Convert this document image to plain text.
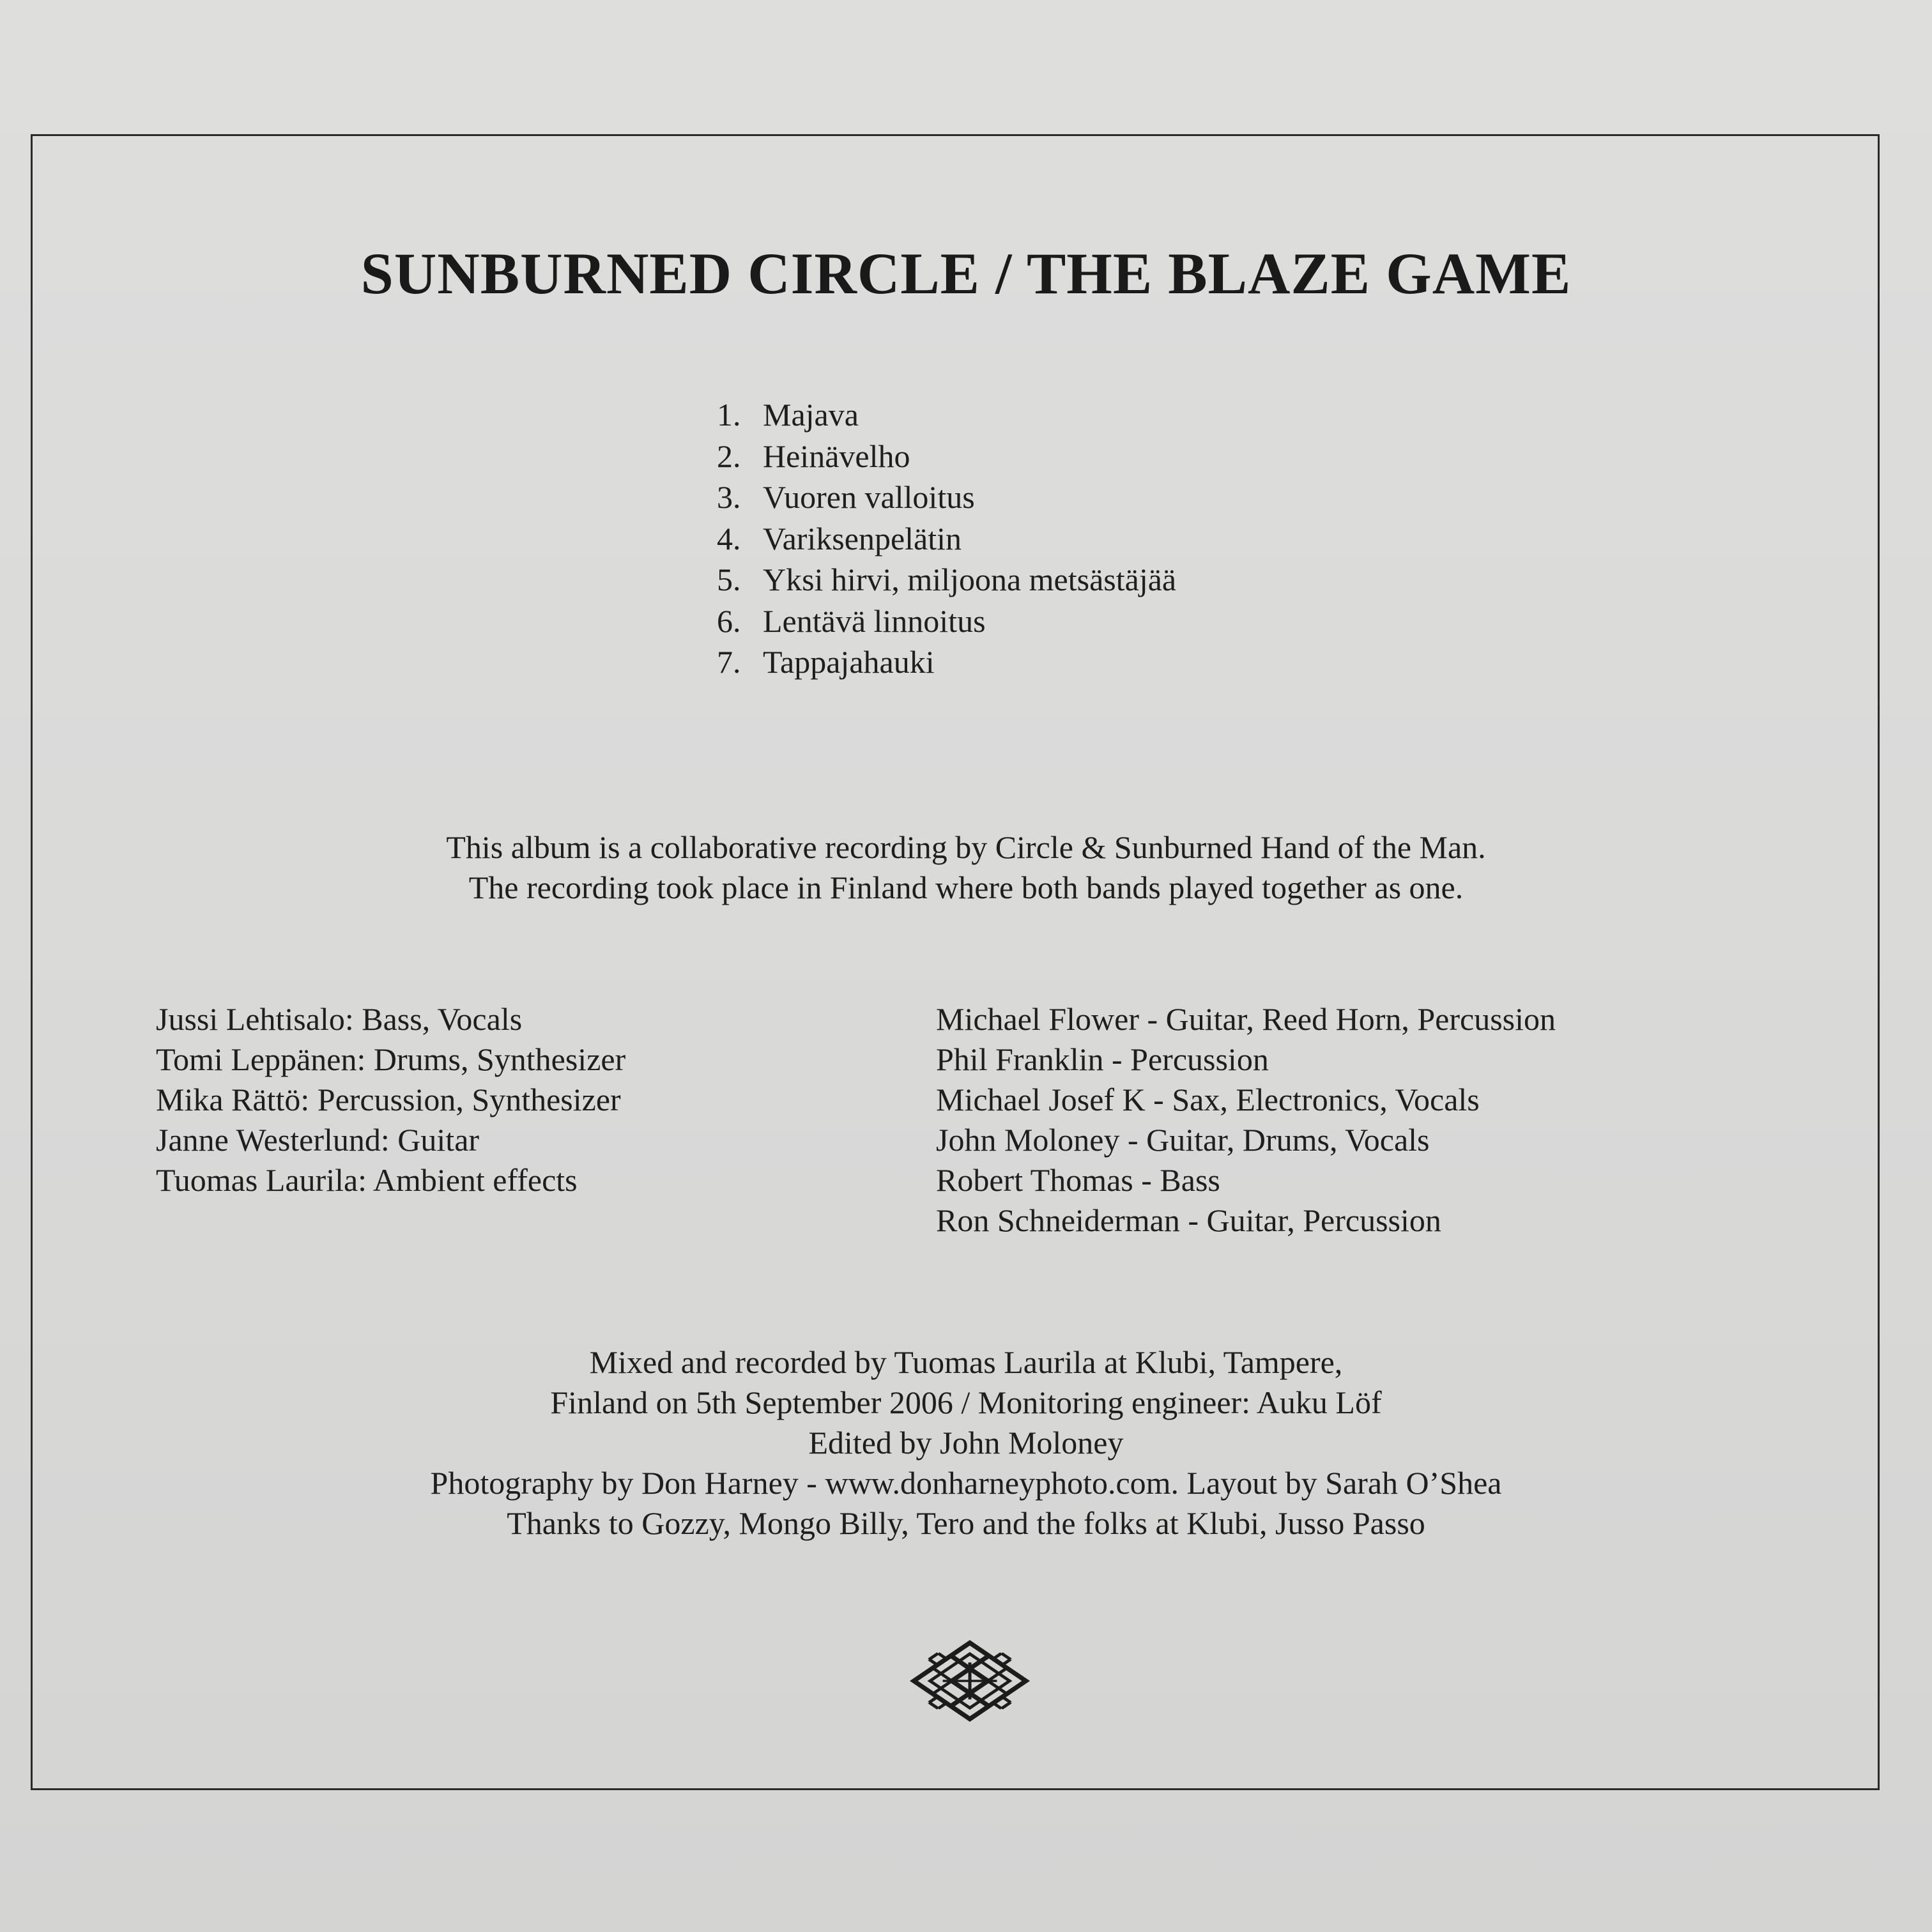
SUNBURNED CIRCLE / THE BLAZE GAME
1. Majava
2. Heinävelho
3. Vuoren valloitus
4. Variksenpelätin
5. Yksi hirvi, miljoona metsästäjää
6. Lentävä linnoitus
7. Tappajahauki
This album is a collaborative recording by Circle & Sunburned Hand of the Man.
The recording took place in Finland where both bands played together as one.
Jussi Lehtisalo: Bass, Vocals
Tomi Leppänen: Drums, Synthesizer
Mika Rättö: Percussion, Synthesizer
Janne Westerlund: Guitar
Tuomas Laurila: Ambient effects
Michael Flower - Guitar, Reed Horn, Percussion
Phil Franklin - Percussion
Michael Josef K - Sax, Electronics, Vocals
John Moloney - Guitar, Drums, Vocals
Robert Thomas - Bass
Ron Schneiderman - Guitar, Percussion
Mixed and recorded by Tuomas Laurila at Klubi, Tampere,
Finland on 5th September 2006 / Monitoring engineer: Auku Löf
Edited by John Moloney
Photography by Don Harney - www.donharneyphoto.com. Layout by Sarah O’Shea
Thanks to Gozzy, Mongo Billy, Tero and the folks at Klubi, Jusso Passo
